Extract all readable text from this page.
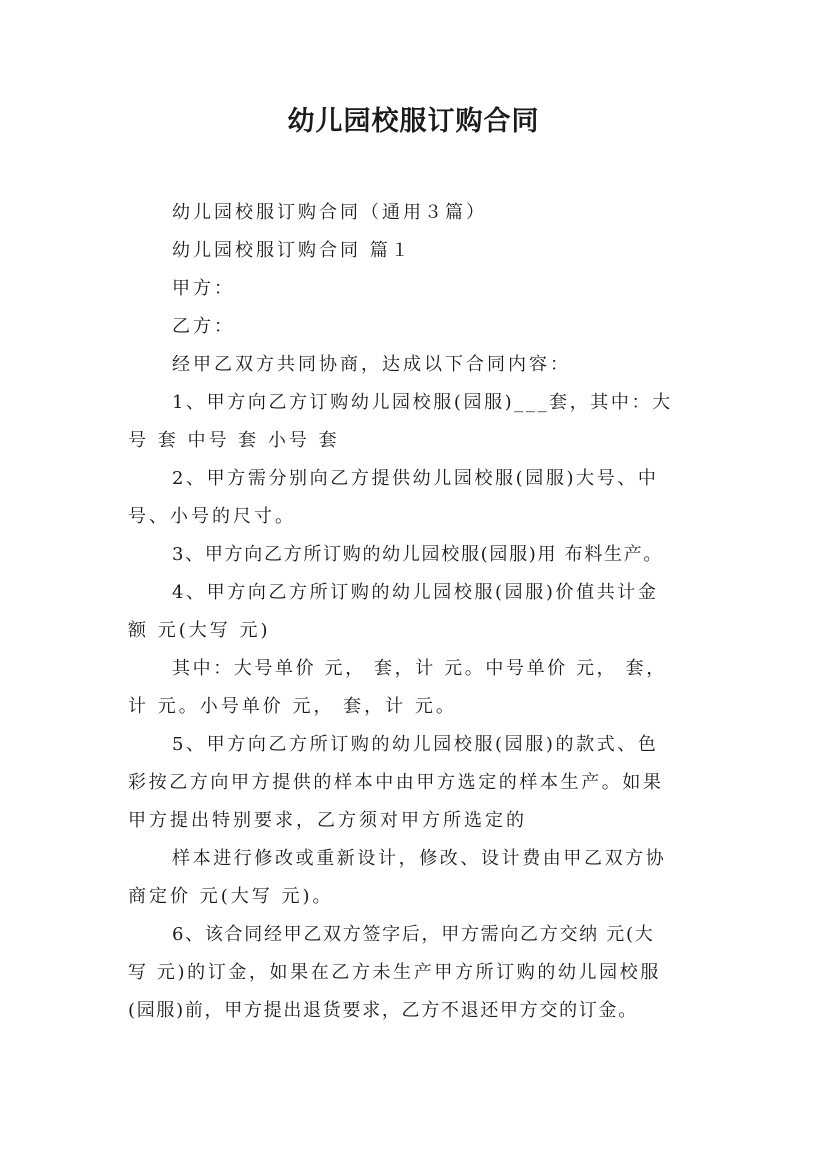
幼儿园校服订购合同
幼儿园校服订购合同（通用３篇）
幼儿园校服订购合同 篇１
甲方：
乙方：
经甲乙双方共同协商，达成以下合同内容：
1、甲方向乙方订购幼儿园校服(园服)___套，其中：大
号 套 中号 套 小号 套
2、甲方需分别向乙方提供幼儿园校服(园服)大号、中
号、小号的尺寸。
3、甲方向乙方所订购的幼儿园校服(园服)用 布料生产。
4、甲方向乙方所订购的幼儿园校服(园服)价值共计金
额 元(大写 元)
其中：大号单价 元， 套，计 元。中号单价 元， 套，
计 元。小号单价 元， 套，计 元。
5、甲方向乙方所订购的幼儿园校服(园服)的款式、色
彩按乙方向甲方提供的样本中由甲方选定的样本生产。如果
甲方提出特别要求，乙方须对甲方所选定的
样本进行修改或重新设计，修改、设计费由甲乙双方协
商定价 元(大写 元)。
6、该合同经甲乙双方签字后，甲方需向乙方交纳 元(大
写 元)的订金，如果在乙方未生产甲方所订购的幼儿园校服
(园服)前，甲方提出退货要求，乙方不退还甲方交的订金。
